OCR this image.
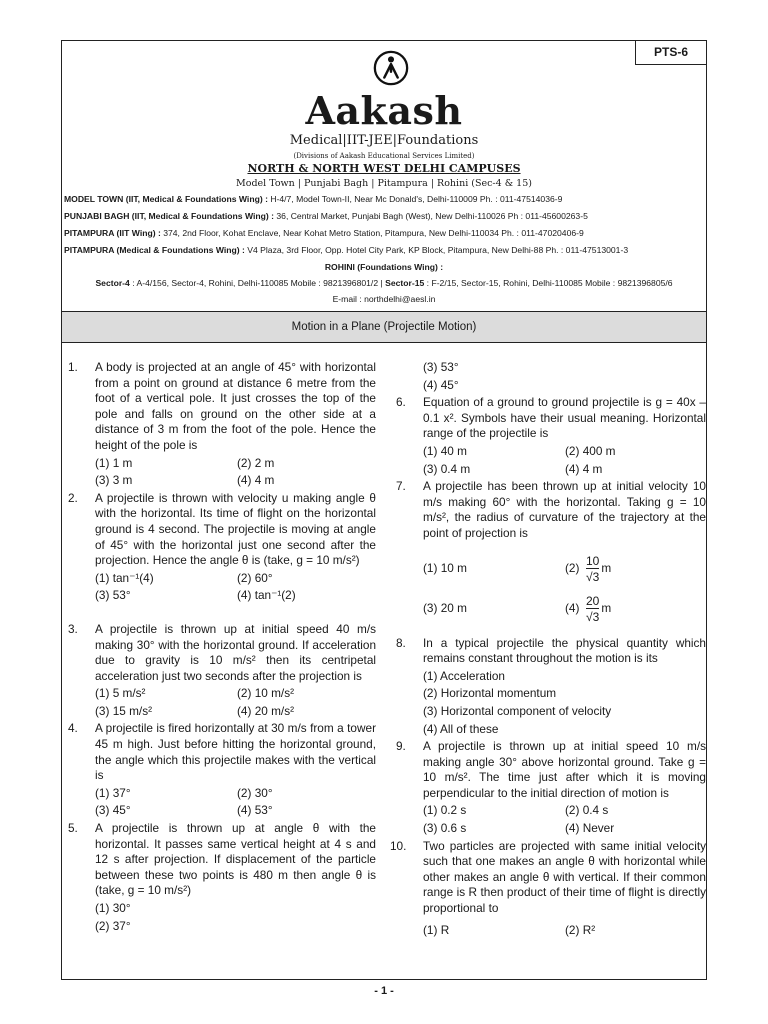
PTS-6
Aakash
Medical|IIT-JEE|Foundations
(Divisions of Aakash Educational Services Limited)
NORTH & NORTH WEST DELHI CAMPUSES
Model Town | Punjabi Bagh | Pitampura | Rohini (Sec-4 & 15)
MODEL TOWN (IIT, Medical & Foundations Wing) : H-4/7, Model Town-II, Near Mc Donald's, Delhi-110009 Ph. : 011-47514036-9
PUNJABI BAGH (IIT, Medical & Foundations Wing) : 36, Central Market, Punjabi Bagh (West), New Delhi-110026 Ph : 011-45600263-5
PITAMPURA (IIT Wing) : 374, 2nd Floor, Kohat Enclave, Near Kohat Metro Station, Pitampura, New Delhi-110034 Ph. : 011-47020406-9
PITAMPURA (Medical & Foundations Wing) : V4 Plaza, 3rd Floor, Opp. Hotel City Park, KP Block, Pitampura, New Delhi-88 Ph. : 011-47513001-3
ROHINI (Foundations Wing) :
Sector-4 : A-4/156, Sector-4, Rohini, Delhi-110085 Mobile : 9821396801/2 | Sector-15 : F-2/15, Sector-15, Rohini, Delhi-110085 Mobile : 9821396805/6
E-mail : northdelhi@aesl.in
Motion in a Plane (Projectile Motion)
1. A body is projected at an angle of 45° with horizontal from a point on ground at distance 6 metre from the foot of a vertical pole. It just crosses the top of the pole and falls on ground on the other side at a distance of 3 m from the foot of the pole. Hence the height of the pole is
(1) 1 m	(2) 2 m
(3) 3 m	(4) 4 m
2. A projectile is thrown with velocity u making angle θ with the horizontal. Its time of flight on the horizontal ground is 4 second. The projectile is moving at angle of 45° with the horizontal just one second after the projection. Hence the angle θ is (take, g = 10 m/s²)
(1) tan⁻¹(4)	(2) 60°
(3) 53°	(4) tan⁻¹(2)
3. A projectile is thrown up at initial speed 40 m/s making 30° with the horizontal ground. If acceleration due to gravity is 10 m/s² then its centripetal acceleration just two seconds after the projection is
(1) 5 m/s²	(2) 10 m/s²
(3) 15 m/s²	(4) 20 m/s²
4. A projectile is fired horizontally at 30 m/s from a tower 45 m high. Just before hitting the horizontal ground, the angle which this projectile makes with the vertical is
(1) 37°	(2) 30°
(3) 45°	(4) 53°
5. A projectile is thrown up at angle θ with the horizontal. It passes same vertical height at 4 s and 12 s after projection. If displacement of the particle between these two points is 480 m then angle θ is (take, g = 10 m/s²)
(1) 30°
(2) 37°
(3) 53°
(4) 45°
6. Equation of a ground to ground projectile is g = 40x – 0.1 x². Symbols have their usual meaning. Horizontal range of the projectile is
(1) 40 m	(2) 400 m
(3) 0.4 m	(4) 4 m
7. A projectile has been thrown up at initial velocity 10 m/s making 60° with the horizontal. Taking g = 10 m/s², the radius of curvature of the trajectory at the point of projection is
(1) 10 m	$(2) \frac{10}{√3}$ m
(3) 20 m	$(4) \frac{20}{√3}$ m
8. In a typical projectile the physical quantity which remains constant throughout the motion is its
(1) Acceleration
(2) Horizontal momentum
(3) Horizontal component of velocity
(4) All of these
9. A projectile is thrown up at initial speed 10 m/s making angle 30° above horizontal ground. Take g = 10 m/s². The time just after which it is moving perpendicular to the initial direction of motion is
(1) 0.2 s	(2) 0.4 s
(3) 0.6 s	(4) Never
10. Two particles are projected with same initial velocity such that one makes an angle θ with horizontal while other makes an angle θ with vertical. If their common range is R then product of their time of flight is directly proportional to
(1) R	(2) R²
- 1 -
